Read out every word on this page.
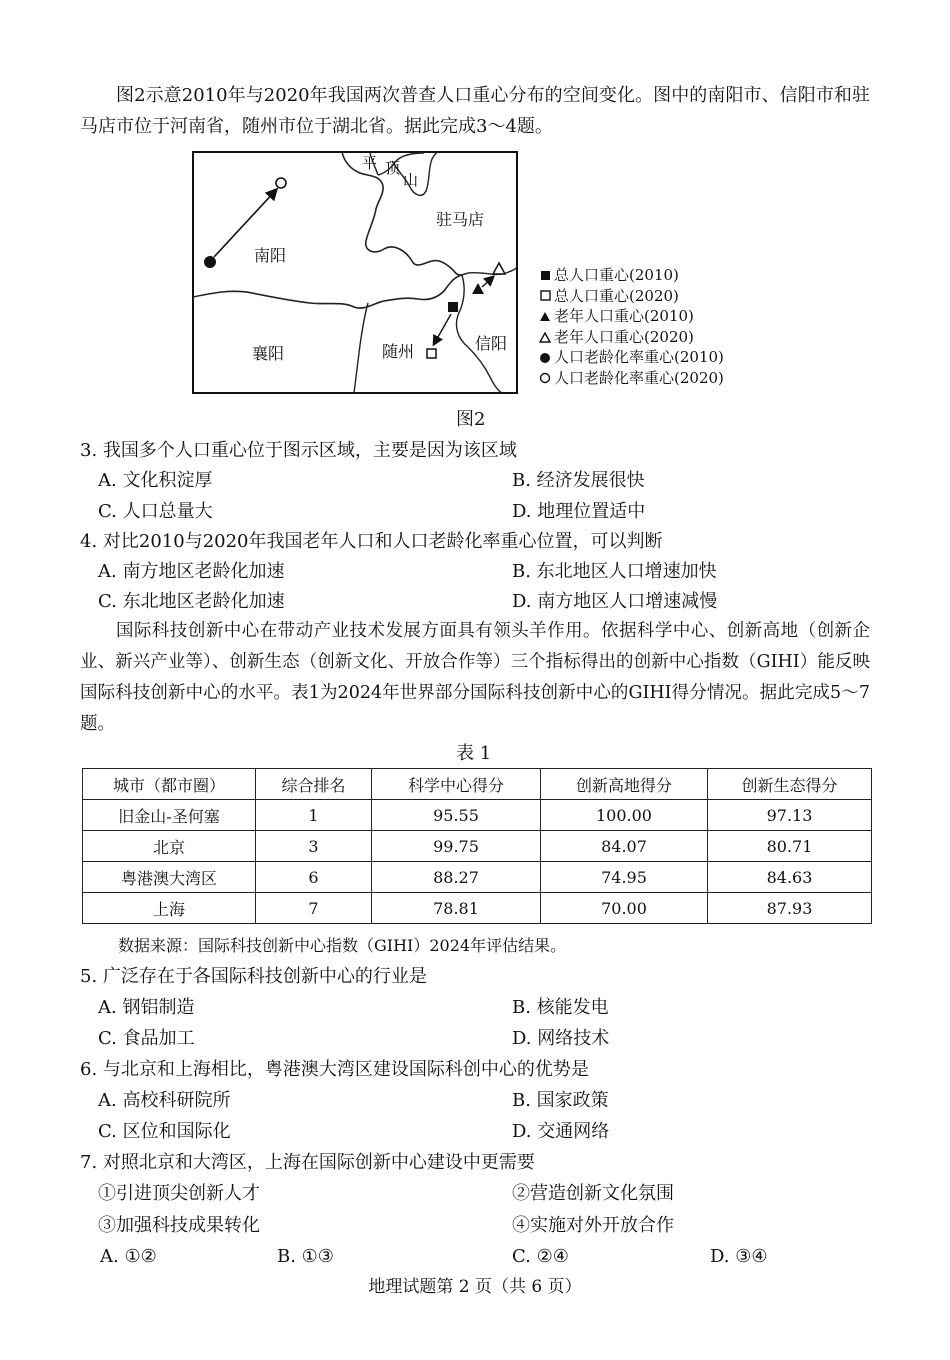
图2示意2010年与2020年我国两次普查人口重心分布的空间变化。图中的南阳市、信阳市和驻马店市位于河南省，随州市位于湖北省。据此完成3～4题。
平 顶
山
驻马店
南阳
襄阳	随州	信阳
总人口重心(2010)
总人口重心(2020)
老年人口重心(2010)
老年人口重心(2020)
人口老龄化率重心(2010)
人口老龄化率重心(2020)
图2
3. 我国多个人口重心位于图示区域，主要是因为该区域
A. 文化积淀厚	B. 经济发展很快
C. 人口总量大	D. 地理位置适中
4. 对比2010与2020年我国老年人口和人口老龄化率重心位置，可以判断
A. 南方地区老龄化加速	B. 东北地区人口增速加快
C. 东北地区老龄化加速	D. 南方地区人口增速减慢
国际科技创新中心在带动产业技术发展方面具有领头羊作用。依据科学中心、创新高地（创新企业、新兴产业等）、创新生态（创新文化、开放合作等）三个指标得出的创新中心指数（GIHI）能反映国际科技创新中心的水平。表1为2024年世界部分国际科技创新中心的GIHI得分情况。据此完成5～7题。
表 1
城市（都市圈）	综合排名	科学中心得分	创新高地得分	创新生态得分
旧金山-圣何塞	1	95.55	100.00	97.13
北京	3	99.75	84.07	80.71
粤港澳大湾区	6	88.27	74.95	84.63
上海	7	78.81	70.00	87.93
数据来源：国际科技创新中心指数（GIHI）2024年评估结果。
5. 广泛存在于各国际科技创新中心的行业是
A. 钢铝制造	B. 核能发电
C. 食品加工	D. 网络技术
6. 与北京和上海相比，粤港澳大湾区建设国际科创中心的优势是
A. 高校科研院所	B. 国家政策
C. 区位和国际化	D. 交通网络
7. 对照北京和大湾区，上海在国际创新中心建设中更需要
①引进顶尖创新人才	②营造创新文化氛围
③加强科技成果转化	④实施对外开放合作
A. ①②	B. ①③	C. ②④	D. ③④
地理试题第 2 页（共 6 页）
